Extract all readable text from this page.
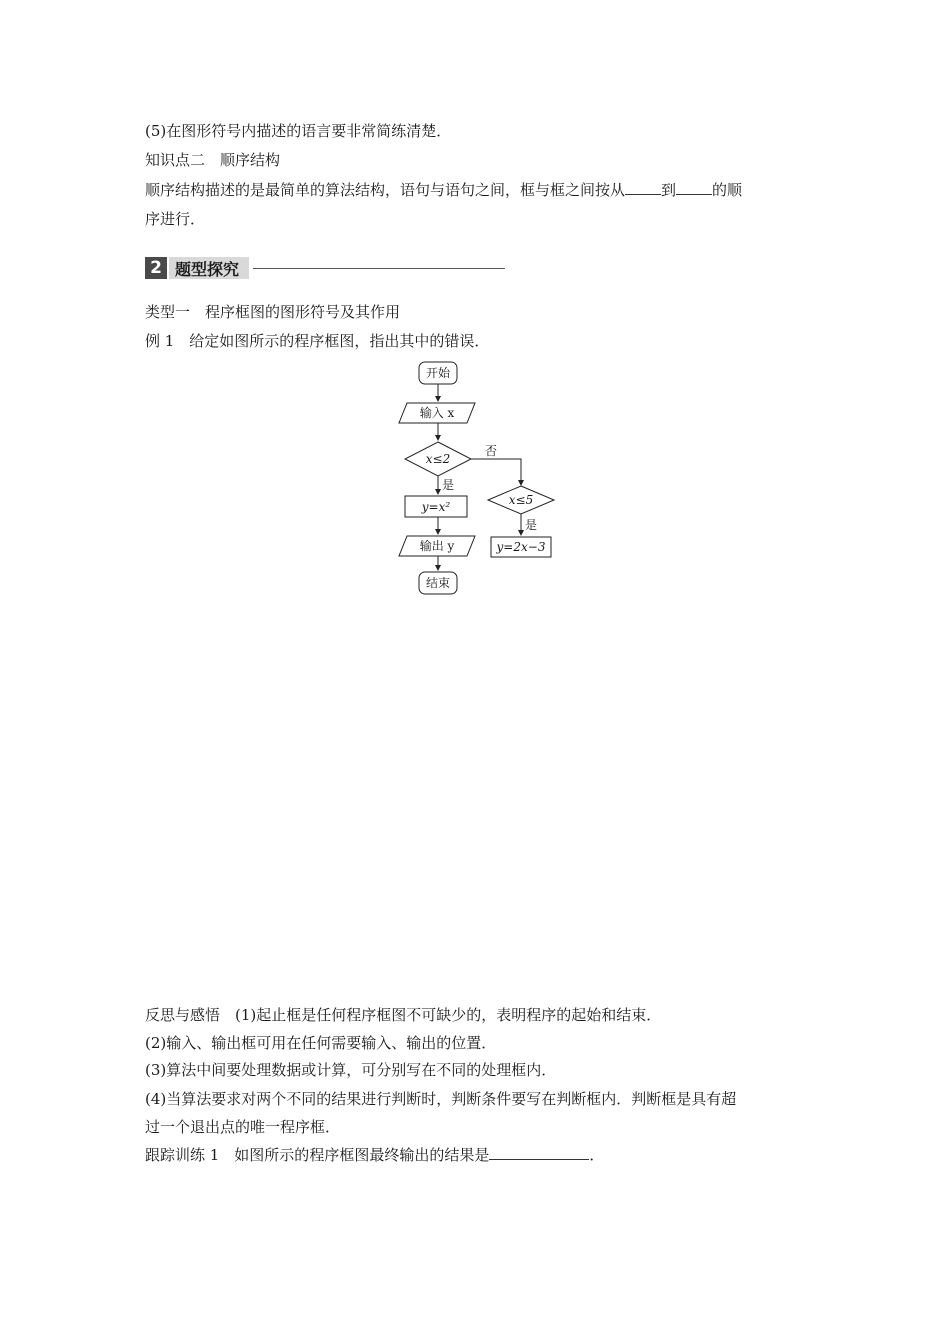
(5)在图形符号内描述的语言要非常简练清楚．
知识点二　顺序结构
顺序结构描述的是最简单的算法结构，语句与语句之间，框与框之间按从 到 的顺
序进行．
2 题型探究
类型一　程序框图的图形符号及其作用
例 1　给定如图所示的程序框图，指出其中的错误．
开始
输入 x
x≤2
否
是
y=x²	x≤5
是
y=2x−3
输出 y
结束
反思与感悟　(1)起止框是任何程序框图不可缺少的，表明程序的起始和结束．
(2)输入、输出框可用在任何需要输入、输出的位置．
(3)算法中间要处理数据或计算，可分别写在不同的处理框内．
(4)当算法要求对两个不同的结果进行判断时，判断条件要写在判断框内．判断框是具有超
过一个退出点的唯一程序框．
跟踪训练 1　如图所示的程序框图最终输出的结果是	．
